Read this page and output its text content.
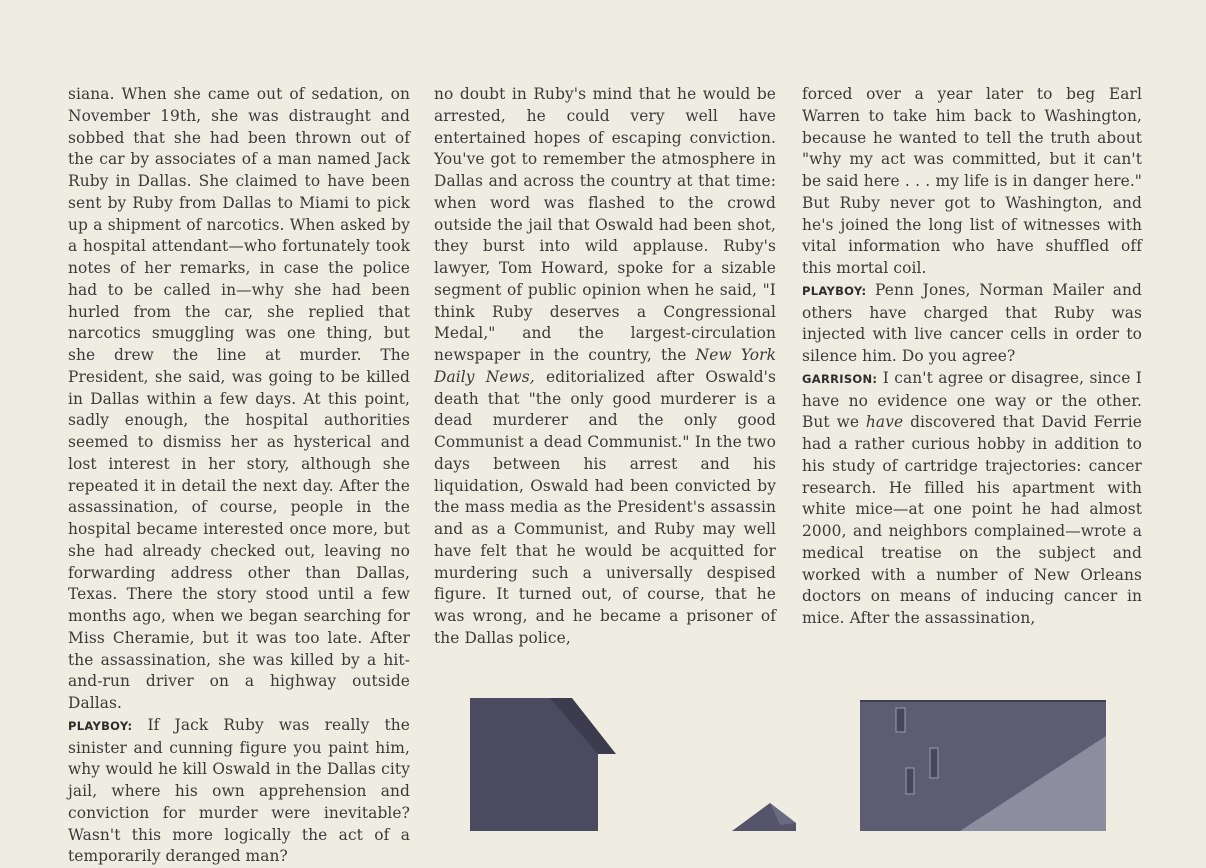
siana. When she came out of sedation, on November 19th, she was distraught and sobbed that she had been thrown out of the car by associates of a man named Jack Ruby in Dallas. She claimed to have been sent by Ruby from Dallas to Miami to pick up a shipment of narcotics. When asked by a hospital attendant—who fortunately took notes of her remarks, in case the police had to be called in—why she had been hurled from the car, she replied that narcotics smuggling was one thing, but she drew the line at murder. The President, she said, was going to be killed in Dallas within a few days. At this point, sadly enough, the hospital authorities seemed to dismiss her as hysterical and lost interest in her story, although she repeated it in detail the next day. After the assassination, of course, people in the hospital became interested once more, but she had already checked out, leaving no forwarding address other than Dallas, Texas. There the story stood until a few months ago, when we began searching for Miss Cheramie, but it was too late. After the assassination, she was killed by a hit-and-run driver on a highway outside Dallas.

PLAYBOY: If Jack Ruby was really the sinister and cunning figure you paint him, why would he kill Oswald in the Dallas city jail, where his own apprehension and conviction for murder were inevitable? Wasn't this more logically the act of a temporarily deranged man?

no doubt in Ruby's mind that he would be arrested, he could very well have entertained hopes of escaping conviction. You've got to remember the atmosphere in Dallas and across the country at that time: when word was flashed to the crowd outside the jail that Oswald had been shot, they burst into wild applause. Ruby's lawyer, Tom Howard, spoke for a sizable segment of public opinion when he said, "I think Ruby deserves a Congressional Medal," and the largest-circulation newspaper in the country, the New York Daily News, editorialized after Oswald's death that "the only good murderer is a dead murderer and the only good Communist a dead Communist." In the two days between his arrest and his liquidation, Oswald had been convicted by the mass media as the President's assassin and as a Communist, and Ruby may well have felt that he would be acquitted for murdering such a universally despised figure. It turned out, of course, that he was wrong, and he became a prisoner of the Dallas police,

forced over a year later to beg Earl Warren to take him back to Washington, because he wanted to tell the truth about "why my act was committed, but it can't be said here . . . my life is in danger here." But Ruby never got to Washington, and he's joined the long list of witnesses with vital information who have shuffled off this mortal coil.

PLAYBOY: Penn Jones, Norman Mailer and others have charged that Ruby was injected with live cancer cells in order to silence him. Do you agree?

GARRISON: I can't agree or disagree, since I have no evidence one way or the other. But we have discovered that David Ferrie had a rather curious hobby in addition to his study of cartridge trajectories: cancer research. He filled his apartment with white mice—at one point he had almost 2000, and neighbors complained—wrote a medical treatise on the subject and worked with a number of New Orleans doctors on means of inducing cancer in mice. After the assassination,
